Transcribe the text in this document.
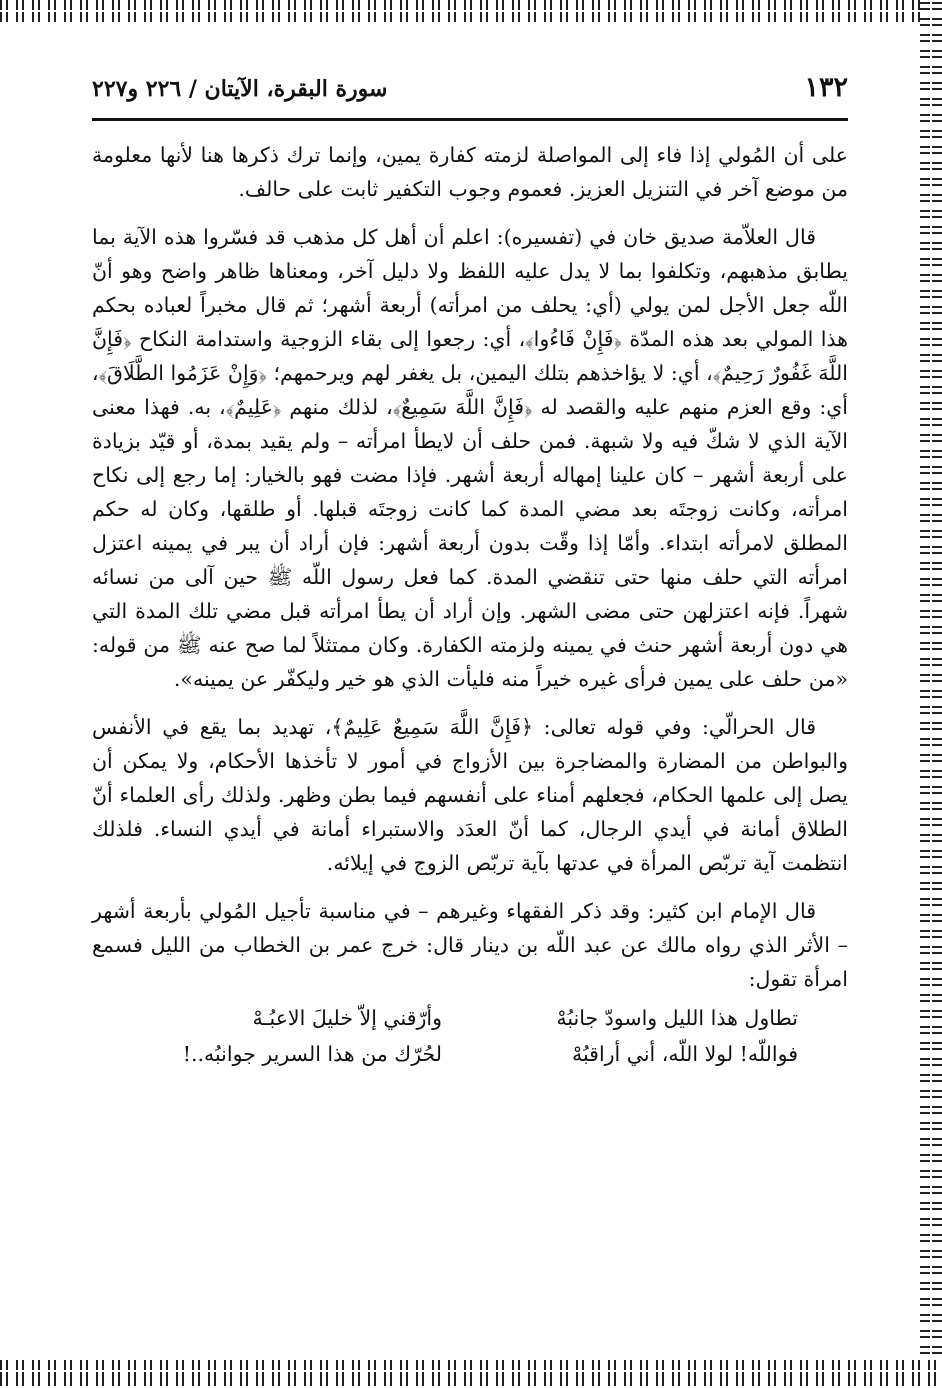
١٣٢
سورة البقرة، الآيتان / ٢٢٦ و٢٢٧

على أن المُولي إذا فاء إلى المواصلة لزمته كفارة يمين، وإنما ترك ذكرها هنا لأنها معلومة من موضع آخر في التنزيل العزيز. فعموم وجوب التكفير ثابت على حالف.

قال العلاّمة صديق خان في (تفسيره): اعلم أن أهل كل مذهب قد فسّروا هذه الآية بما يطابق مذهبهم، وتكلفوا بما لا يدل عليه اللفظ ولا دليل آخر، ومعناها ظاهر واضح وهو أنّ اللّه جعل الأجل لمن يولي (أي: يحلف من امرأته) أربعة أشهر؛ ثم قال مخبراً لعباده بحكم هذا المولي بعد هذه المدّة ﴿فَإِنْ فَاءُوا﴾، أي: رجعوا إلى بقاء الزوجية واستدامة النكاح ﴿فَإِنَّ اللَّهَ غَفُورٌ رَحِيمٌ﴾، أي: لا يؤاخذهم بتلك اليمين، بل يغفر لهم ويرحمهم؛ ﴿وَإِنْ عَزَمُوا الطَّلَاقَ﴾، أي: وقع العزم منهم عليه والقصد له ﴿فَإِنَّ اللَّهَ سَمِيعٌ﴾، لذلك منهم ﴿عَلِيمٌ﴾، به. فهذا معنى الآية الذي لا شكّ فيه ولا شبهة. فمن حلف أن لايطأ امرأته – ولم يقيد بمدة، أو قيّد بزيادة على أربعة أشهر – كان علينا إمهاله أربعة أشهر. فإذا مضت فهو بالخيار: إما رجع إلى نكاح امرأته، وكانت زوجتَه بعد مضي المدة كما كانت زوجتَه قبلها. أو طلقها، وكان له حكم المطلق لامرأته ابتداء. وأمّا إذا وقّت بدون أربعة أشهر: فإن أراد أن يبر في يمينه اعتزل امرأته التي حلف منها حتى تنقضي المدة. كما فعل رسول اللّه ﷺ حين آلى من نسائه شهراً. فإنه اعتزلهن حتى مضى الشهر. وإن أراد أن يطأ امرأته قبل مضي تلك المدة التي هي دون أربعة أشهر حنث في يمينه ولزمته الكفارة. وكان ممتثلاً لما صح عنه ﷺ من قوله: «من حلف على يمين فرأى غيره خيراً منه فليأت الذي هو خير وليكفّر عن يمينه».

قال الحرالّي: وفي قوله تعالى: ﴿فَإِنَّ اللَّهَ سَمِيعٌ عَلِيمٌ﴾، تهديد بما يقع في الأنفس والبواطن من المضارة والمضاجرة بين الأزواج في أمور لا تأخذها الأحكام، ولا يمكن أن يصل إلى علمها الحكام، فجعلهم أمناء على أنفسهم فيما بطن وظهر. ولذلك رأى العلماء أنّ الطلاق أمانة في أيدي الرجال، كما أنّ العدَد والاستبراء أمانة في أيدي النساء. فلذلك انتظمت آية تربّص المرأة في عدتها بآية تربّص الزوج في إيلائه.

قال الإمام ابن كثير: وقد ذكر الفقهاء وغيرهم – في مناسبة تأجيل المُولي بأربعة أشهر – الأثر الذي رواه مالك عن عبد اللّه بن دينار قال: خرج عمر بن الخطاب من الليل فسمع امرأة تقول:

تطاول هذا الليل واسودّ جانبُهْ
وأرّقني إلاّ خليلَ الاعبُـهْ
فواللّه! لولا اللّه، أني أراقبُهْ
لحُرّك من هذا السرير جوانبُه..!
